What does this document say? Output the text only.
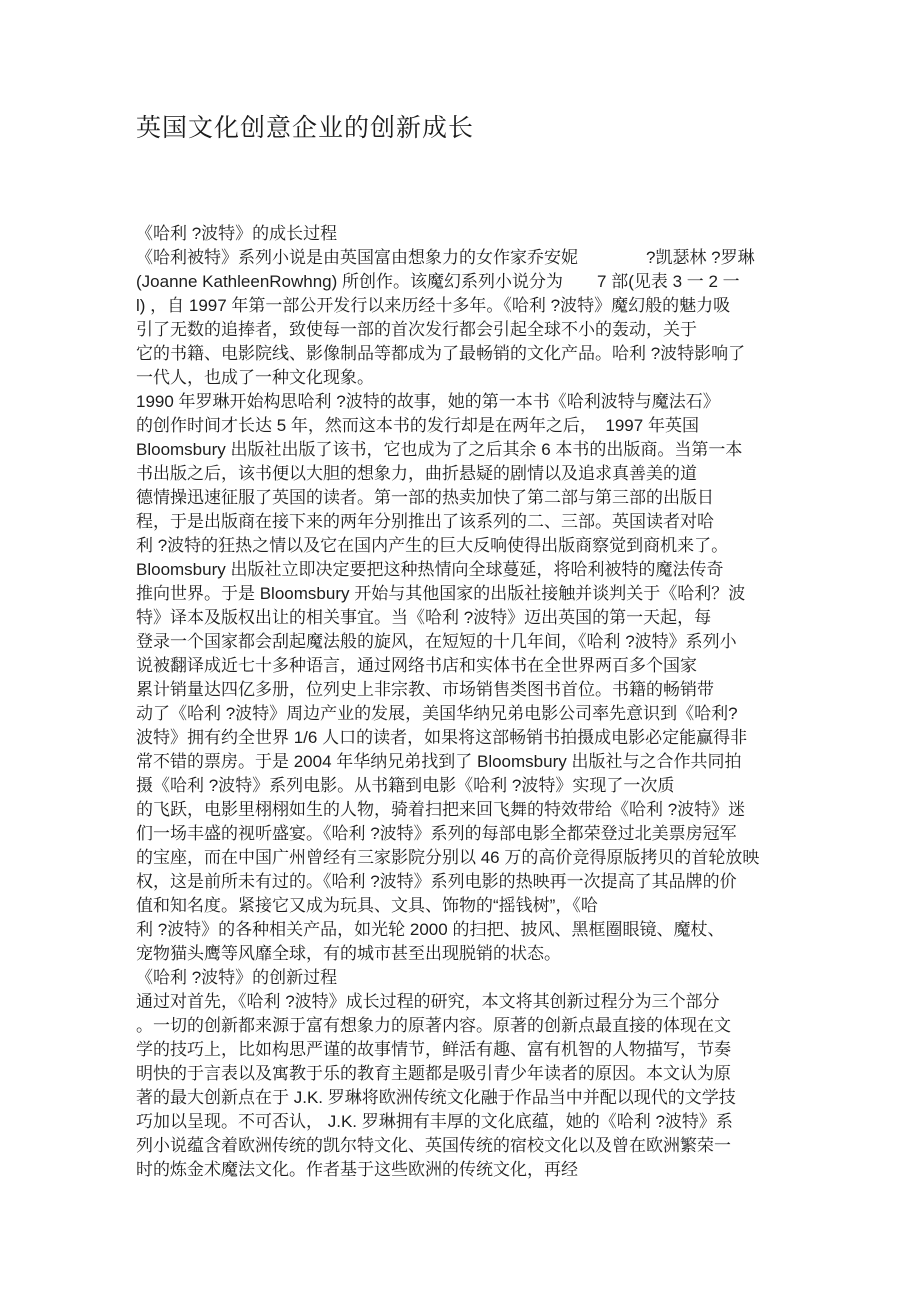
英国文化创意企业的创新成长
《哈利 ?波特》的成长过程
《哈利被特》系列小说是由英国富由想象力的女作家乔安妮　　　　?凯瑟林 ?罗琳
(Joanne KathleenRowhng) 所创作。该魔幻系列小说分为　　7 部(见表 3 一 2 一
l) ，自 1997 年第一部公开发行以来历经十多年。《哈利 ?波特》魔幻般的魅力吸
引了无数的追捧者，致使每一部的首次发行都会引起全球不小的轰动，关于
它的书籍、电影院线、影像制品等都成为了最畅销的文化产品。哈利 ?波特影响了
一代人，也成了一种文化现象。
1990 年罗琳开始构思哈利 ?波特的故事，她的第一本书《哈利波特与魔法石》
的创作时间才长达 5 年，然而这本书的发行却是在两年之后，　1997 年英国
Bloomsbury 出版社出版了该书，它也成为了之后其余 6 本书的出版商。当第一本
书出版之后，该书便以大胆的想象力，曲折悬疑的剧情以及追求真善美的道
德情操迅速征服了英国的读者。第一部的热卖加快了第二部与第三部的出版日
程，于是出版商在接下来的两年分别推出了该系列的二、三部。英国读者对哈
利 ?波特的狂热之情以及它在国内产生的巨大反响使得出版商察觉到商机来了。
Bloomsbury 出版社立即决定要把这种热情向全球蔓延，将哈利被特的魔法传奇
推向世界。于是 Bloomsbury 开始与其他国家的出版社接触并谈判关于《哈利？波
特》译本及版权出让的相关事宜。当《哈利 ?波特》迈出英国的第一天起，每
登录一个国家都会刮起魔法般的旋风，在短短的十几年间，《哈利 ?波特》系列小
说被翻译成近七十多种语言，通过网络书店和实体书在全世界两百多个国家
累计销量达四亿多册，位列史上非宗教、市场销售类图书首位。书籍的畅销带
动了《哈利 ?波特》周边产业的发展，美国华纳兄弟电影公司率先意识到《哈利?
波特》拥有约全世界 1/6 人口的读者，如果将这部畅销书拍摄成电影必定能赢得非
常不错的票房。于是 2004 年华纳兄弟找到了 Bloomsbury 出版社与之合作共同拍
摄《哈利 ?波特》系列电影。从书籍到电影《哈利 ?波特》实现了一次质
的飞跃，电影里栩栩如生的人物，骑着扫把来回飞舞的特效带给《哈利 ?波特》迷
们一场丰盛的视听盛宴。《哈利 ?波特》系列的每部电影全都荣登过北美票房冠军
的宝座，而在中国广州曾经有三家影院分别以 46 万的高价竞得原版拷贝的首轮放映
权，这是前所未有过的。《哈利 ?波特》系列电影的热映再一次提高了其品牌的价
值和知名度。紧接它又成为玩具、文具、饰物的“摇钱树”，《哈
利 ?波特》的各种相关产品，如光轮 2000 的扫把、披风、黑框圈眼镜、魔杖、
宠物猫头鹰等风靡全球，有的城市甚至出现脱销的状态。
《哈利 ?波特》的创新过程
通过对首先，《哈利 ?波特》成长过程的研究，本文将其创新过程分为三个部分
。一切的创新都来源于富有想象力的原著内容。原著的创新点最直接的体现在文
学的技巧上，比如构思严谨的故事情节，鲜活有趣、富有机智的人物描写，节奏
明快的于言表以及寓教于乐的教育主题都是吸引青少年读者的原因。本文认为原
著的最大创新点在于 J.K. 罗琳将欧洲传统文化融于作品当中并配以现代的文学技
巧加以呈现。不可否认， J.K. 罗琳拥有丰厚的文化底蕴，她的《哈利 ?波特》系
列小说蕴含着欧洲传统的凯尔特文化、英国传统的宿校文化以及曾在欧洲繁荣一
时的炼金术魔法文化。作者基于这些欧洲的传统文化，再经
